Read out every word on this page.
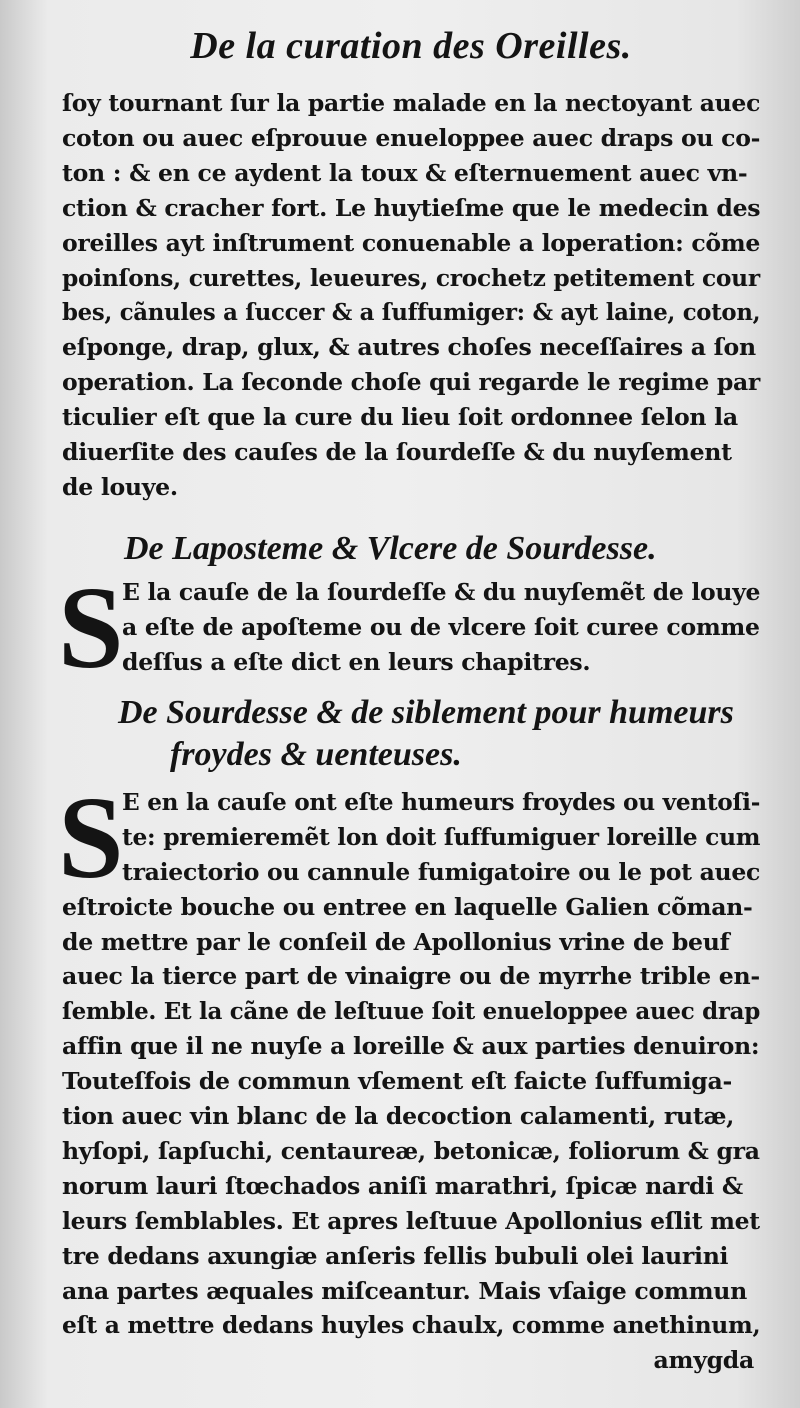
De la curation des Oreilles.
ſoy tournant ſur la partie malade en la nectoyant auec
coton ou auec eſprouue enueloppee auec draps ou co-
ton : & en ce aydent la toux & eſternuement auec vn-
ction & cracher fort. Le huytieſme que le medecin des
oreilles ayt inſtrument conuenable a loperation: cõme
poinſons, curettes, leueures, crochetz petitement cour
bes, cãnules a ſuccer & a ſuffumiger: & ayt laine, coton,
eſponge, drap, glux, & autres choſes neceſſaires a ſon
operation. La ſeconde choſe qui regarde le regime par
ticulier eſt que la cure du lieu ſoit ordonnee ſelon la
diuerſite des cauſes de la ſourdeſſe & du nuyſement
de louye.
De Laposteme & Vlcere de Sourdesse.
S
E la cauſe de la ſourdeſſe & du nuyſemẽt de louye
a eſte de apoſteme ou de vlcere ſoit curee comme
deſſus a eſte dict en leurs chapitres.
De Sourdesse & de siblement pour humeurs
froydes & uenteuses.
S
E en la cauſe ont eſte humeurs froydes ou ventoſi-
te: premieremẽt lon doit ſuffumiguer loreille cum
traiectorio ou cannule fumigatoire ou le pot auec
eſtroicte bouche ou entree en laquelle Galien cõman-
de mettre par le conſeil de Apollonius vrine de beuf
auec la tierce part de vinaigre ou de myrrhe trible en-
ſemble. Et la cãne de leſtuue ſoit enueloppee auec drap
affin que il ne nuyſe a loreille & aux parties denuiron:
Touteſfois de commun vſement eſt faicte ſuffumiga-
tion auec vin blanc de la decoction calamenti, rutæ,
hyſopi, ſapſuchi, centaureæ, betonicæ, foliorum & gra
norum lauri ſtœchados aniſi marathri, ſpicæ nardi &
leurs ſemblables. Et apres leſtuue Apollonius eſlit met
tre dedans axungiæ anſeris fellis bubuli olei laurini
ana partes æquales miſceantur. Mais vſaige commun
eſt a mettre dedans huyles chaulx, comme anethinum,
amygda
